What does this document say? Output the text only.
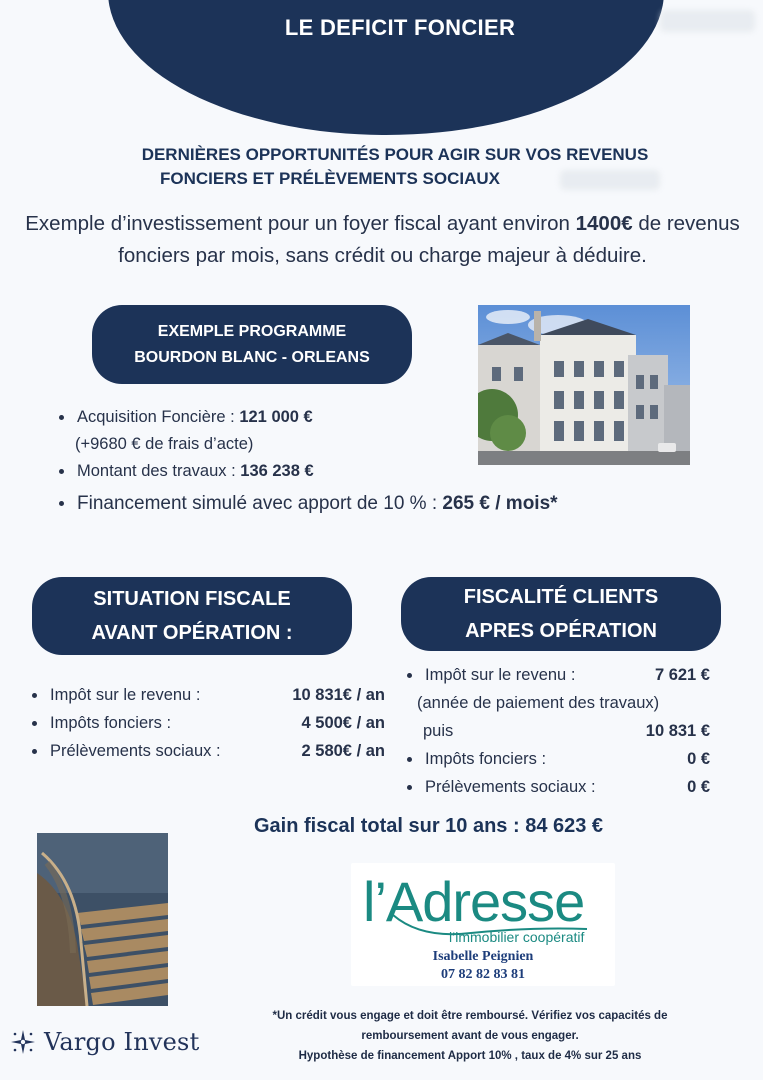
LE DEFICIT FONCIER
DERNIÈRES OPPORTUNITÉS POUR AGIR SUR VOS REVENUS
FONCIERS ET PRÉLÈVEMENTS SOCIAUX
Exemple d’investissement pour un foyer fiscal ayant environ 1400€ de revenus fonciers par mois, sans crédit ou charge majeur à déduire.
EXEMPLE PROGRAMME
BOURDON BLANC - ORLEANS
Acquisition Foncière : 121 000 €
(+9680 € de frais d’acte)
Montant des travaux : 136 238 €
Financement simulé avec apport de 10 % : 265 € / mois*
SITUATION FISCALE
AVANT OPÉRATION :
FISCALITÉ CLIENTS
APRES OPÉRATION
Impôt sur le revenu :	10 831€ / an
Impôts fonciers :	4 500€ / an
Prélèvements sociaux :	2 580€ / an
Impôt sur le revenu :	7 621 €
(année de paiement des travaux)
puis	10 831 €
Impôts fonciers :	0 €
Prélèvements sociaux :	0 €
Gain fiscal total sur 10 ans : 84 623 €
Vargo Invest
l’Adresse
l’immobilier coopératif
Isabelle Peignien
07 82 82 83 81
*Un crédit vous engage et doit être remboursé. Vérifiez vos capacités de
remboursement avant de vous engager.
Hypothèse de financement Apport 10% , taux de 4% sur 25 ans
